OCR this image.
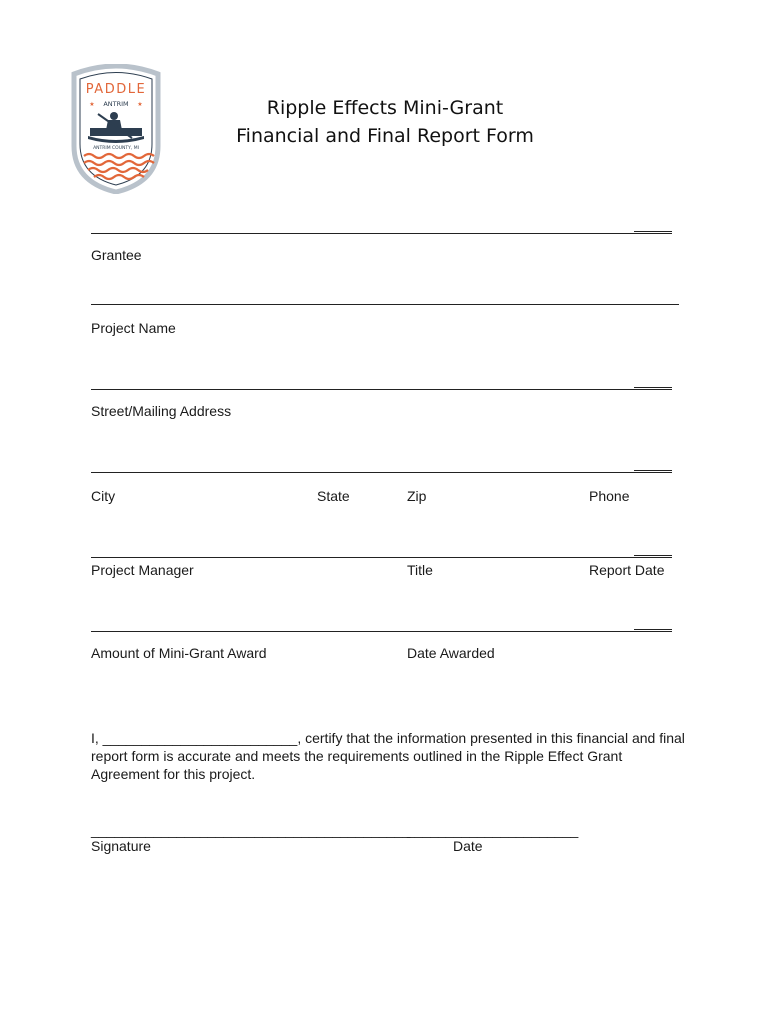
PADDLE
ANTRIM
★	★
ANTRIM COUNTY, MI
Ripple Effects Mini-Grant
Financial and Final Report Form
Grantee
Project Name
Street/Mailing Address
City	State	Zip	Phone
Project Manager	Title	Report Date
Amount of Mini-Grant Award	Date Awarded
I, _________________________, certify that the information presented in this financial and final report form is accurate and meets the requirements outlined in the Ripple Effect Grant Agreement for this project.
_________________________________________
______________________
Signature	Date
